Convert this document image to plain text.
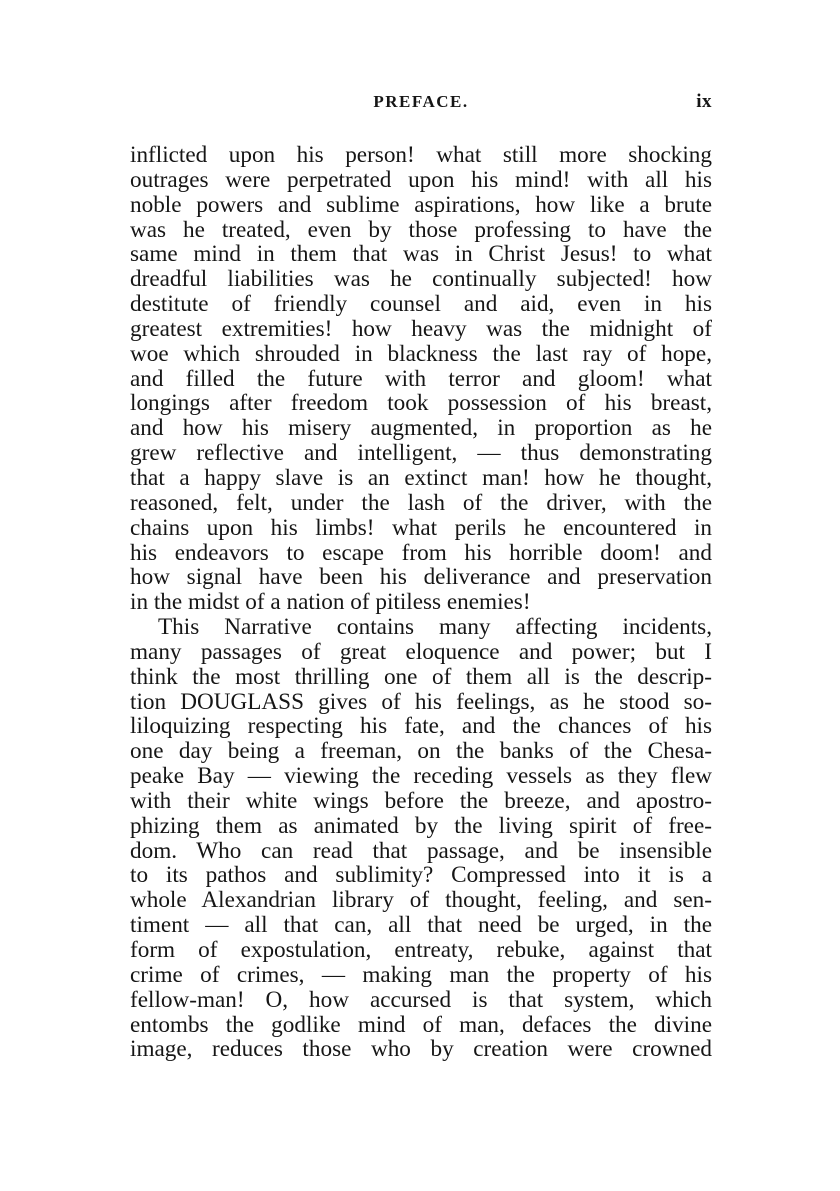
PREFACE.	ix
inflicted upon his person! what still more shocking
outrages were perpetrated upon his mind! with all his
noble powers and sublime aspirations, how like a brute
was he treated, even by those professing to have the
same mind in them that was in Christ Jesus! to what
dreadful liabilities was he continually subjected! how
destitute of friendly counsel and aid, even in his
greatest extremities! how heavy was the midnight of
woe which shrouded in blackness the last ray of hope,
and filled the future with terror and gloom! what
longings after freedom took possession of his breast,
and how his misery augmented, in proportion as he
grew reflective and intelligent, — thus demonstrating
that a happy slave is an extinct man! how he thought,
reasoned, felt, under the lash of the driver, with the
chains upon his limbs! what perils he encountered in
his endeavors to escape from his horrible doom! and
how signal have been his deliverance and preservation
in the midst of a nation of pitiless enemies!
This Narrative contains many affecting incidents,
many passages of great eloquence and power; but I
think the most thrilling one of them all is the descrip-
tion DOUGLASS gives of his feelings, as he stood so-
liloquizing respecting his fate, and the chances of his
one day being a freeman, on the banks of the Chesa-
peake Bay — viewing the receding vessels as they flew
with their white wings before the breeze, and apostro-
phizing them as animated by the living spirit of free-
dom. Who can read that passage, and be insensible
to its pathos and sublimity? Compressed into it is a
whole Alexandrian library of thought, feeling, and sen-
timent — all that can, all that need be urged, in the
form of expostulation, entreaty, rebuke, against that
crime of crimes, — making man the property of his
fellow-man! O, how accursed is that system, which
entombs the godlike mind of man, defaces the divine
image, reduces those who by creation were crowned
